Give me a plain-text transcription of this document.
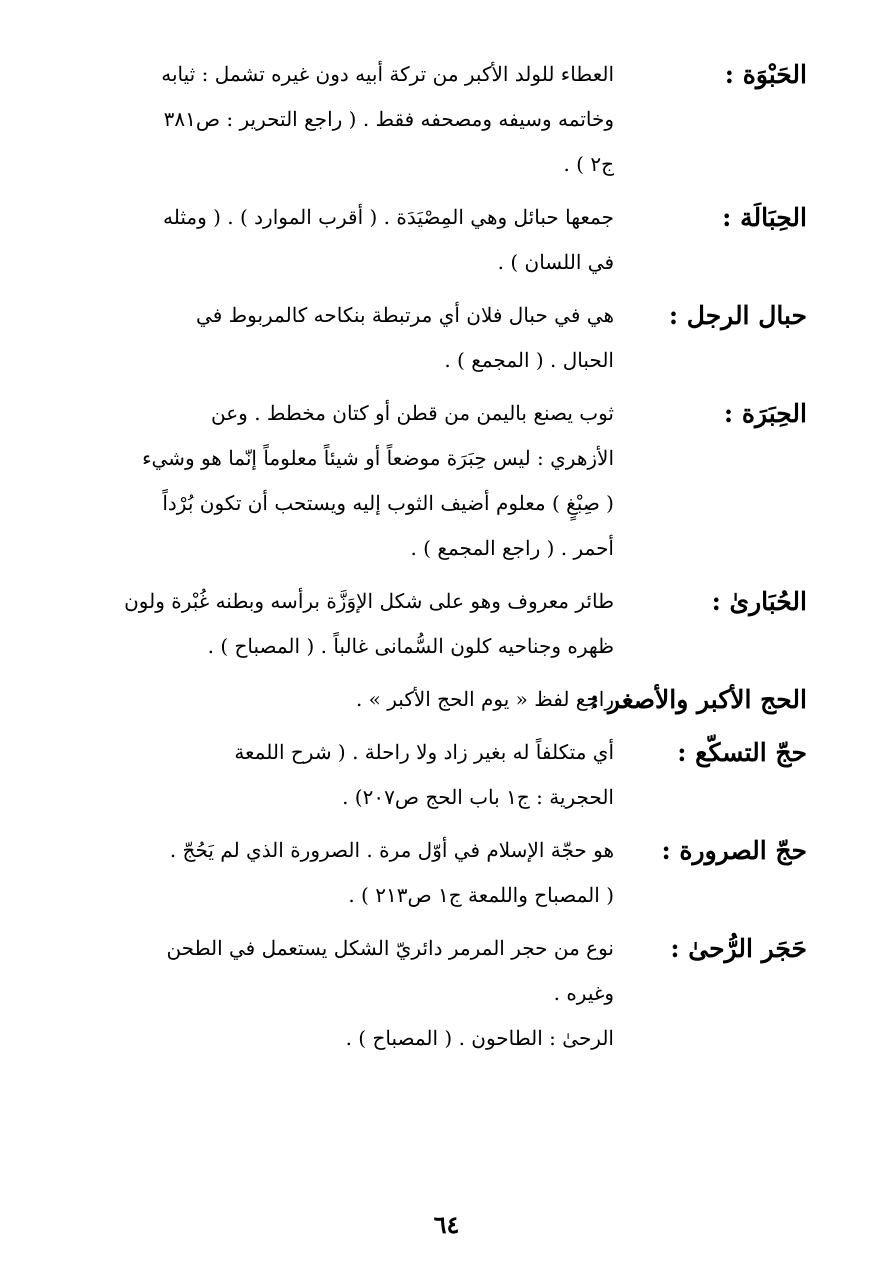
الحَبْوَة :
العطاء للولد الأكبر من تركة أبيه دون غيره تشمل : ثيابه
وخاتمه وسيفه ومصحفه فقط . ( راجع التحرير : ص٣٨١
ج٢ ) .
الحِبَالَة :
جمعها حبائل وهي المِصْيَدَة . ( أقرب الموارد ) . ( ومثله
في اللسان ) .
حبال الرجل :
هي في حبال فلان أي مرتبطة بنكاحه كالمربوط في
الحبال . ( المجمع ) .
الحِبَرَة :
ثوب يصنع باليمن من قطن أو كتان مخطط . وعن
الأزهري : ليس حِبَرَة موضعاً أو شيئاً معلوماً إنّما هو وشيء
( صِبْغٍ ) معلوم أضيف الثوب إليه ويستحب أن تكون بُرْداً
أحمر . ( راجع المجمع ) .
الحُبَارىٰ :
طائر معروف وهو على شكل الإوَزَّة برأسه وبطنه غُبْرة ولون
ظهره وجناحيه كلون السُّمانى غالباً . ( المصباح ) .
الحج الأكبر والأصغر :
راجع لفظ « يوم الحج الأكبر » .
حجّ التسكّع :
أي متكلفاً له بغير زاد ولا راحلة . ( شرح اللمعة
الحجرية : ج١ باب الحج ص٢٠٧) .
حجّ الصرورة :
هو حجّة الإسلام في أوّل مرة . الصرورة الذي لم يَحُجّ .
( المصباح واللمعة ج١ ص٢١٣ ) .
حَجَر الرُّحىٰ :
نوع من حجر المرمر دائريّ الشكل يستعمل في الطحن
وغيره .
الرحىٰ : الطاحون . ( المصباح ) .
٦٤
